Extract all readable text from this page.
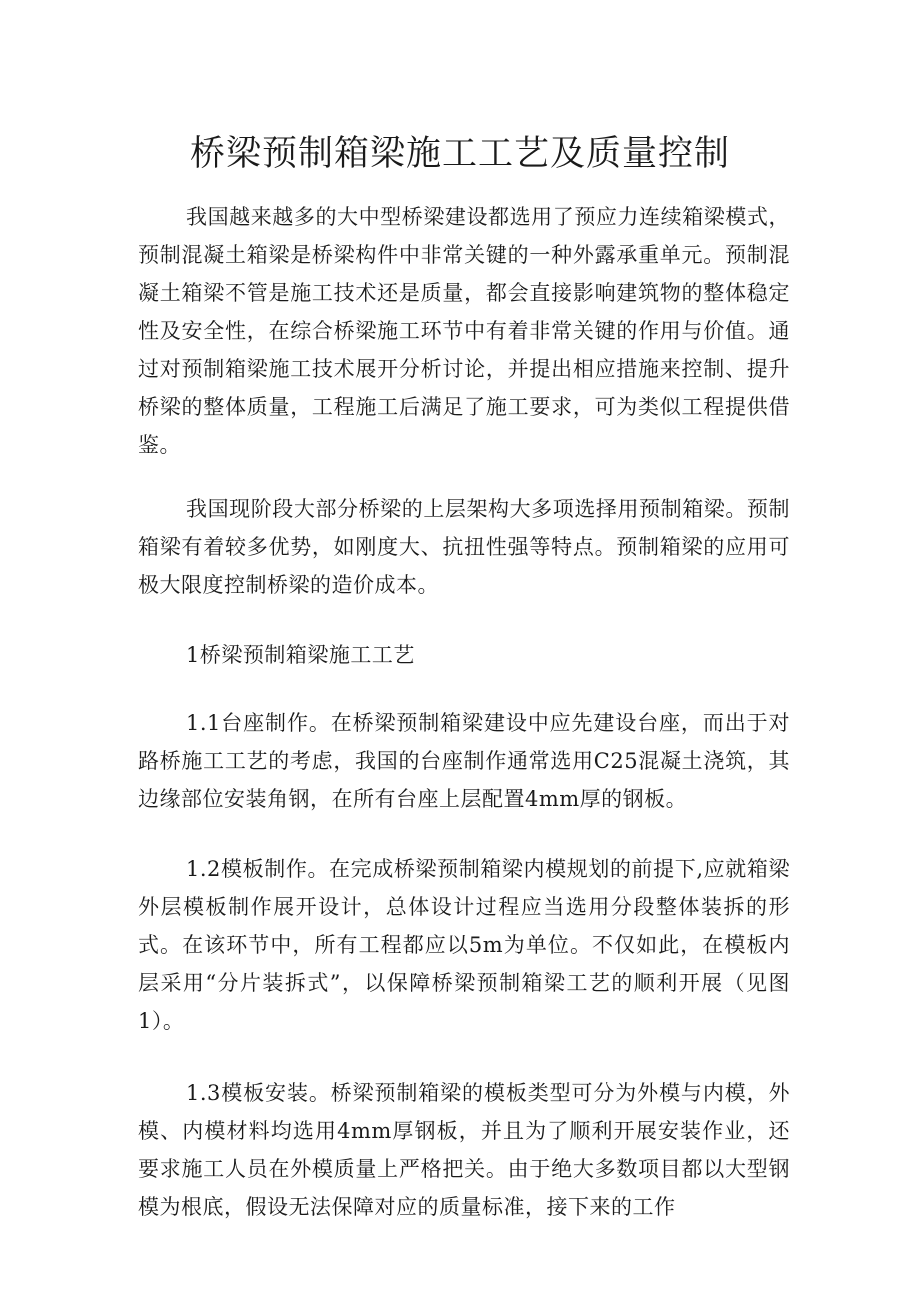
桥梁预制箱梁施工工艺及质量控制

我国越来越多的大中型桥梁建设都选用了预应力连续箱梁模式，预制混凝土箱梁是桥梁构件中非常关键的一种外露承重单元。预制混凝土箱梁不管是施工技术还是质量，都会直接影响建筑物的整体稳定性及安全性，在综合桥梁施工环节中有着非常关键的作用与价值。通过对预制箱梁施工技术展开分析讨论，并提出相应措施来控制、提升桥梁的整体质量，工程施工后满足了施工要求，可为类似工程提供借鉴。

我国现阶段大部分桥梁的上层架构大多项选择用预制箱梁。预制箱梁有着较多优势，如刚度大、抗扭性强等特点。预制箱梁的应用可极大限度控制桥梁的造价成本。

1桥梁预制箱梁施工工艺

1.1台座制作。在桥梁预制箱梁建设中应先建设台座，而出于对路桥施工工艺的考虑，我国的台座制作通常选用C25混凝土浇筑，其边缘部位安装角钢，在所有台座上层配置4mm厚的钢板。

1.2模板制作。在完成桥梁预制箱梁内模规划的前提下,应就箱梁外层模板制作展开设计，总体设计过程应当选用分段整体装拆的形式。在该环节中，所有工程都应以5m为单位。不仅如此，在模板内层采用“分片装拆式”，以保障桥梁预制箱梁工艺的顺利开展（见图1）。

1.3模板安装。桥梁预制箱梁的模板类型可分为外模与内模，外模、内模材料均选用4mm厚钢板，并且为了顺利开展安装作业，还要求施工人员在外模质量上严格把关。由于绝大多数项目都以大型钢模为根底，假设无法保障对应的质量标准，接下来的工作
